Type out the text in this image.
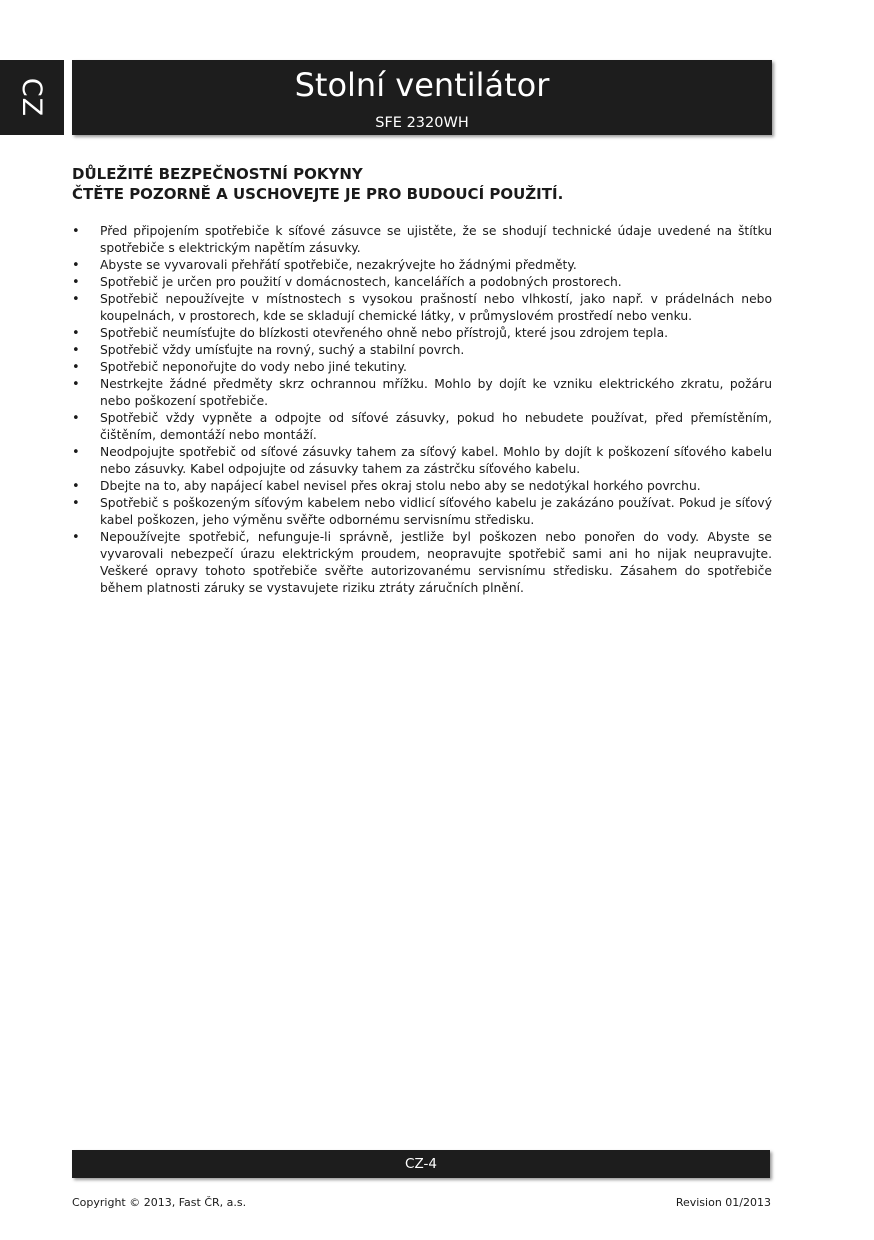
CZ	Stolní ventilátor
SFE 2320WH
DŮLEŽITÉ BEZPEČNOSTNÍ POKYNY
ČTĚTE POZORNĚ A USCHOVEJTE JE PRO BUDOUCÍ POUŽITÍ.
• Před připojením spotřebiče k síťové zásuvce se ujistěte, že se shodují technické údaje uvedené na štítku spotřebiče s elektrickým napětím zásuvky.
• Abyste se vyvarovali přehřátí spotřebiče, nezakrývejte ho žádnými předměty.
• Spotřebič je určen pro použití v domácnostech, kancelářích a podobných prostorech.
• Spotřebič nepoužívejte v místnostech s vysokou prašností nebo vlhkostí, jako např. v prádelnách nebo koupelnách, v prostorech, kde se skladují chemické látky, v průmyslovém prostředí nebo venku.
• Spotřebič neumísťujte do blízkosti otevřeného ohně nebo přístrojů, které jsou zdrojem tepla.
• Spotřebič vždy umísťujte na rovný, suchý a stabilní povrch.
• Spotřebič neponořujte do vody nebo jiné tekutiny.
• Nestrkejte žádné předměty skrz ochrannou mřížku. Mohlo by dojít ke vzniku elektrického zkratu, požáru nebo poškození spotřebiče.
• Spotřebič vždy vypněte a odpojte od síťové zásuvky, pokud ho nebudete používat, před přemístěním, čištěním, demontáží nebo montáží.
• Neodpojujte spotřebič od síťové zásuvky tahem za síťový kabel. Mohlo by dojít k poškození síťového kabelu nebo zásuvky. Kabel odpojujte od zásuvky tahem za zástrčku síťového kabelu.
• Dbejte na to, aby napájecí kabel nevisel přes okraj stolu nebo aby se nedotýkal horkého povrchu.
• Spotřebič s poškozeným síťovým kabelem nebo vidlicí síťového kabelu je zakázáno používat. Pokud je síťový kabel poškozen, jeho výměnu svěřte odbornému servisnímu středisku.
• Nepoužívejte spotřebič, nefunguje-li správně, jestliže byl poškozen nebo ponořen do vody. Abyste se vyvarovali nebezpečí úrazu elektrickým proudem, neopravujte spotřebič sami ani ho nijak neupravujte. Veškeré opravy tohoto spotřebiče svěřte autorizovanému servisnímu středisku. Zásahem do spotřebiče během platnosti záruky se vystavujete riziku ztráty záručních plnění.
CZ-4
Copyright © 2013, Fast ČR, a.s.	Revision 01/2013
